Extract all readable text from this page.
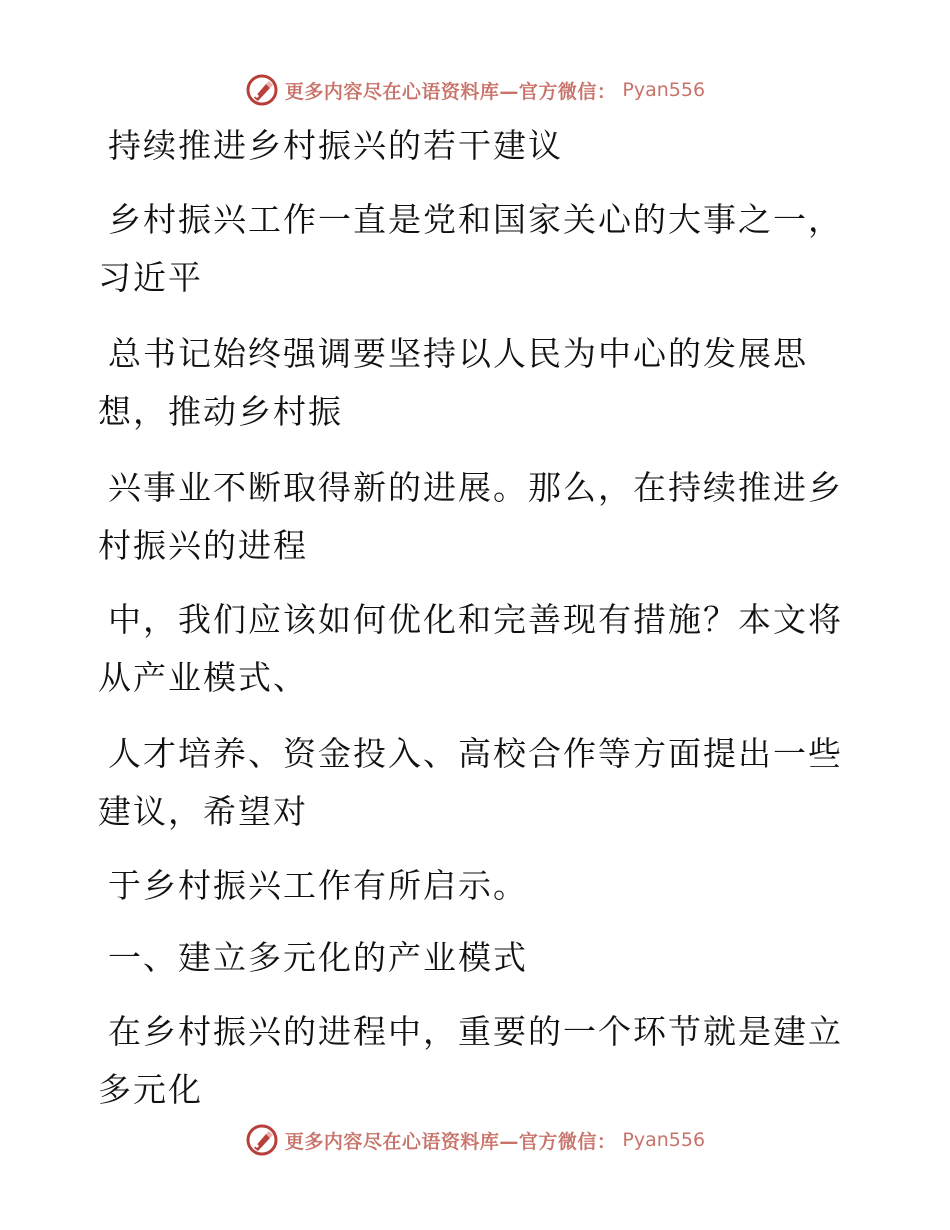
更多内容尽在心语资料库—官方微信： Pyan556
持续推进乡村振兴的若干建议
乡村振兴工作一直是党和国家关心的大事之一，
习近平
总书记始终强调要坚持以人民为中心的发展思
想，推动乡村振
兴事业不断取得新的进展。那么，在持续推进乡
村振兴的进程
中，我们应该如何优化和完善现有措施？本文将
从产业模式、
人才培养、资金投入、高校合作等方面提出一些
建议，希望对
于乡村振兴工作有所启示。
一、建立多元化的产业模式
在乡村振兴的进程中，重要的一个环节就是建立
多元化
更多内容尽在心语资料库—官方微信： Pyan556
